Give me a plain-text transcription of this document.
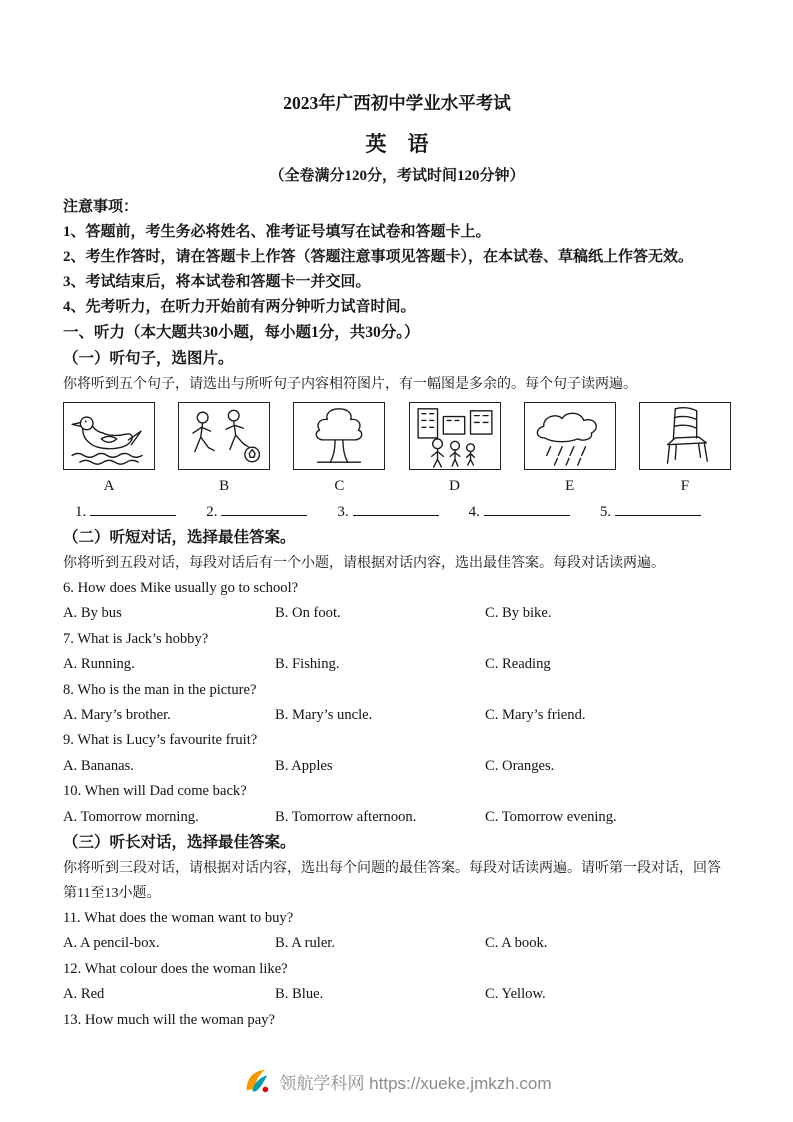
2023年广西初中学业水平考试
英　语
（全卷满分120分，考试时间120分钟）
注意事项：
1、答题前，考生务必将姓名、准考证号填写在试卷和答题卡上。
2、考生作答时，请在答题卡上作答（答题注意事项见答题卡），在本试卷、草稿纸上作答无效。
3、考试结束后，将本试卷和答题卡一并交回。
4、先考听力，在听力开始前有两分钟听力试音时间。
一、听力（本大题共30小题，每小题1分，共30分。）
（一）听句子，选图片。
你将听到五个句子，请选出与所听句子内容相符图片，有一幅图是多余的。每个句子读两遍。
A	B	C	D	E	F
1.	2.	3.	4.	5.
（二）听短对话，选择最佳答案。
你将听到五段对话，每段对话后有一个小题，请根据对话内容，选出最佳答案。每段对话读两遍。
6. How does Mike usually go to school?
A. By bus	B. On foot.	C. By bike.
7. What is Jack’s hobby?
A. Running.	B. Fishing.	C. Reading
8. Who is the man in the picture?
A. Mary’s brother.	B. Mary’s uncle.	C. Mary’s friend.
9. What is Lucy’s favourite fruit?
A. Bananas.	B. Apples	C. Oranges.
10. When will Dad come back?
A. Tomorrow morning.	B. Tomorrow afternoon.	C. Tomorrow evening.
（三）听长对话，选择最佳答案。
你将听到三段对话，请根据对话内容，选出每个问题的最佳答案。每段对话读两遍。请听第一段对话，回答第11至13小题。
11. What does the woman want to buy?
A. A pencil-box.	B. A ruler.	C. A book.
12. What colour does the woman like?
A. Red	B. Blue.	C. Yellow.
13. How much will the woman pay?
领航学科网 https://xueke.jmkzh.com
